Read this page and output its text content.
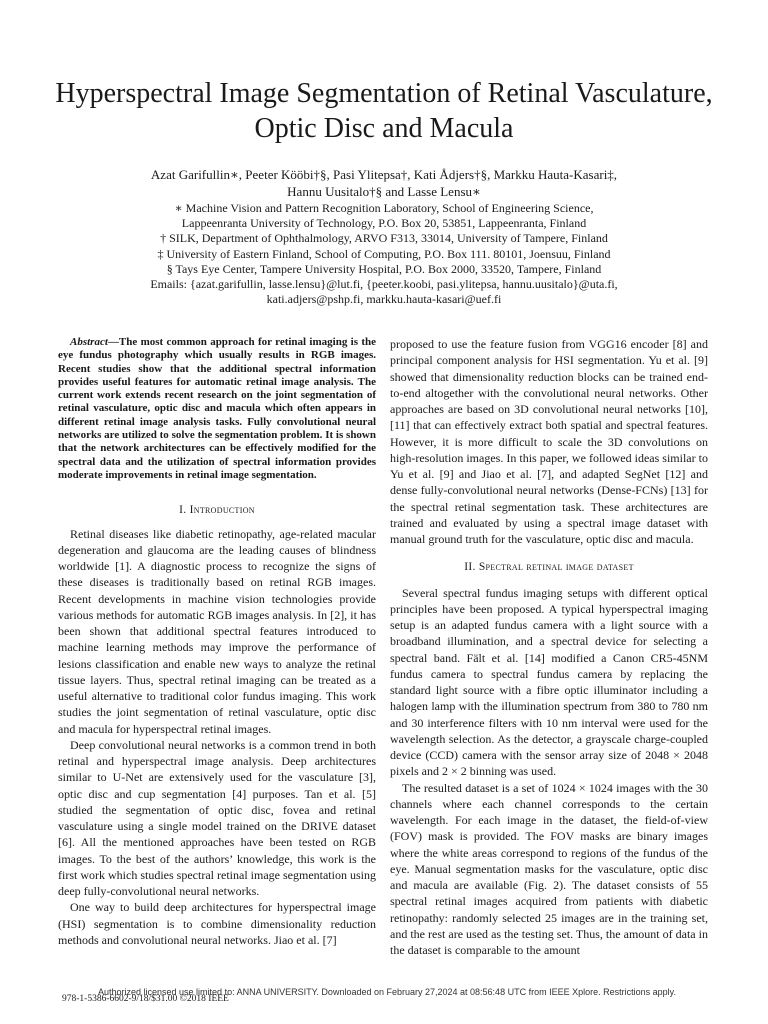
Hyperspectral Image Segmentation of Retinal Vasculature, Optic Disc and Macula

Azat Garifullin∗, Peeter Kööbi†§, Pasi Ylitepsa†, Kati Ådjers†§, Markku Hauta-Kasari‡,

Hannu Uusitalo†§ and Lasse Lensu∗

∗ Machine Vision and Pattern Recognition Laboratory, School of Engineering Science,

Lappeenranta University of Technology, P.O. Box 20, 53851, Lappeenranta, Finland

† SILK, Department of Ophthalmology, ARVO F313, 33014, University of Tampere, Finland

‡ University of Eastern Finland, School of Computing, P.O. Box 111. 80101, Joensuu, Finland

§ Tays Eye Center, Tampere University Hospital, P.O. Box 2000, 33520, Tampere, Finland

Emails: {azat.garifullin, lasse.lensu}@lut.fi, {peeter.koobi, pasi.ylitepsa, hannu.uusitalo}@uta.fi,

kati.adjers@pshp.fi, markku.hauta-kasari@uef.fi

Abstract—The most common approach for retinal imaging is the eye fundus photography which usually results in RGB images. Recent studies show that the additional spectral information provides useful features for automatic retinal image analysis. The current work extends recent research on the joint segmentation of retinal vasculature, optic disc and macula which often appears in different retinal image analysis tasks. Fully convolutional neural networks are utilized to solve the segmentation problem. It is shown that the network architectures can be effectively modified for the spectral data and the utilization of spectral information provides moderate improvements in retinal image segmentation.

I. Introduction

Retinal diseases like diabetic retinopathy, age-related macular degeneration and glaucoma are the leading causes of blindness worldwide [1]. A diagnostic process to recognize the signs of these diseases is traditionally based on retinal RGB images. Recent developments in machine vision technologies provide various methods for automatic RGB images analysis. In [2], it has been shown that additional spectral features introduced to machine learning methods may improve the performance of lesions classification and enable new ways to analyze the retinal tissue layers. Thus, spectral retinal imaging can be treated as a useful alternative to traditional color fundus imaging. This work studies the joint segmentation of retinal vasculature, optic disc and macula for hyperspectral retinal images.

Deep convolutional neural networks is a common trend in both retinal and hyperspectral image analysis. Deep architectures similar to U-Net are extensively used for the vasculature [3], optic disc and cup segmentation [4] purposes. Tan et al. [5] studied the segmentation of optic disc, fovea and retinal vasculature using a single model trained on the DRIVE dataset [6]. All the mentioned approaches have been tested on RGB images. To the best of the authors’ knowledge, this work is the first work which studies spectral retinal image segmentation using deep fully-convolutional neural networks.

One way to build deep architectures for hyperspectral image (HSI) segmentation is to combine dimensionality reduction methods and convolutional neural networks. Jiao et al. [7]

proposed to use the feature fusion from VGG16 encoder [8] and principal component analysis for HSI segmentation. Yu et al. [9] showed that dimensionality reduction blocks can be trained end-to-end altogether with the convolutional neural networks. Other approaches are based on 3D convolutional neural networks [10], [11] that can effectively extract both spatial and spectral features. However, it is more difficult to scale the 3D convolutions on high-resolution images. In this paper, we followed ideas similar to Yu et al. [9] and Jiao et al. [7], and adapted SegNet [12] and dense fully-convolutional neural networks (Dense-FCNs) [13] for the spectral retinal segmentation task. These architectures are trained and evaluated by using a spectral image dataset with manual ground truth for the vasculature, optic disc and macula.

II. Spectral retinal image dataset

Several spectral fundus imaging setups with different optical principles have been proposed. A typical hyperspectral imaging setup is an adapted fundus camera with a light source with a broadband illumination, and a spectral device for selecting a spectral band. Fält et al. [14] modified a Canon CR5-45NM fundus camera to spectral fundus camera by replacing the standard light source with a fibre optic illuminator including a halogen lamp with the illumination spectrum from 380 to 780 nm and 30 interference filters with 10 nm interval were used for the wavelength selection. As the detector, a grayscale charge-coupled device (CCD) camera with the sensor array size of 2048 × 2048 pixels and 2 × 2 binning was used.

The resulted dataset is a set of 1024 × 1024 images with the 30 channels where each channel corresponds to the certain wavelength. For each image in the dataset, the field-of-view (FOV) mask is provided. The FOV masks are binary images where the white areas correspond to regions of the fundus of the eye. Manual segmentation masks for the vasculature, optic disc and macula are available (Fig. 2). The dataset consists of 55 spectral retinal images acquired from patients with diabetic retinopathy: randomly selected 25 images are in the training set, and the rest are used as the testing set. Thus, the amount of data in the dataset is comparable to the amount

978-1-5386-6602-9/18/$31.00 ©2018 IEEE
Authorized licensed use limited to: ANNA UNIVERSITY. Downloaded on February 27,2024 at 08:56:48 UTC from IEEE Xplore. Restrictions apply.
